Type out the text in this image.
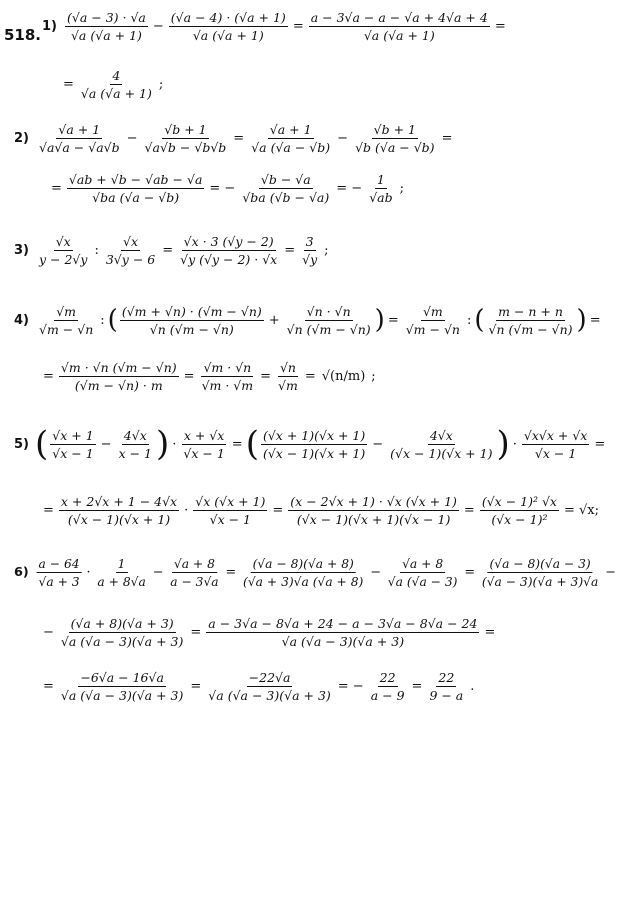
518. $1) \frac{(√a - 3) \cdot √a}{√a (√a + 1)} - \frac{(√a - 4) \cdot (√a + 1)}{√a (√a + 1)} = \frac{a - 3√a - a - √a + 4√a + 4}{√a (√a + 1)}$ =
= $\frac{4}{√a (√a + 1)}$ ;
$2) \frac{√a + 1}{√a√a - √a√b} - \frac{√b + 1}{√a√b - √b√b} = \frac{√a + 1}{√a (√a - √b)} - \frac{√b + 1}{√b (√a - √b)}$ =
= $\frac{√ab + √b - √ab - √a}{√ba (√a - √b)}$ = − $\frac{√b - √a}{√ba (√b - √a)}$ = − $\frac{1}{√ab}$ ;
$3) \frac{√x}{y - 2√y}$ : $\frac{√x}{3√y - 6} = \frac{√x \cdot 3 (√y - 2)}{√y (√y - 2) \cdot √x} = \frac{3}{√y}$ ;
$4) \frac{√m}{√m - √n}$ : ( $\frac{(√m + √n) \cdot (√m - √n)}{√n (√m - √n)} + \frac{√n \cdot √n}{√n (√m - √n)}$ ) = $\frac{√m}{√m - √n}$ : ( $\frac{m - n + n}{√n (√m - √n)}$ ) =
= $\frac{√m \cdot √n (√m - √n)}{(√m - √n) \cdot m} = \frac{√m \cdot √n}{√m \cdot √m} = \frac{√n}{√m} = √(n/m)$ ;
5) ( $\frac{√x + 1}{√x - 1} - \frac{4√x}{x - 1}$ ) · $\frac{x + √x}{√x - 1}$ = ( $\frac{(√x + 1)(√x + 1)}{(√x - 1)(√x + 1)} - \frac{4√x}{(√x - 1)(√x + 1)}$ ) · $\frac{√x√x + √x}{√x - 1}$ =
= $\frac{x + 2√x + 1 - 4√x}{(√x - 1)(√x + 1)} \cdot \frac{√x (√x + 1)}{√x - 1} = \frac{(x - 2√x + 1) \cdot √x (√x + 1)}{(√x - 1)(√x + 1)(√x - 1)} = \frac{\text{(√x − 1)² √x}}{\text{(√x − 1)²}} = √x$;
$6) \frac{a - 64}{√a + 3} \cdot \frac{1}{a + 8√a} - \frac{√a + 8}{a - 3√a} = \frac{(√a - 8)(√a + 8)}{(√a + 3)√a (√a + 8)} - \frac{√a + 8}{√a (√a - 3)} = \frac{(√a - 8)(√a - 3)}{(√a - 3)(√a + 3)√a}$ −
− $\frac{(√a + 8)(√a + 3)}{√a (√a - 3)(√a + 3)} = \frac{a - 3√a - 8√a + 24 - a - 3√a - 8√a - 24}{√a (√a - 3)(√a + 3)}$ =
= $\frac{-6√a - 16√a}{√a (√a - 3)(√a + 3)} = \frac{-22√a}{√a (√a - 3)(√a + 3)}$ = − $\frac{22}{a - 9} = \frac{22}{9 - a}$ .
